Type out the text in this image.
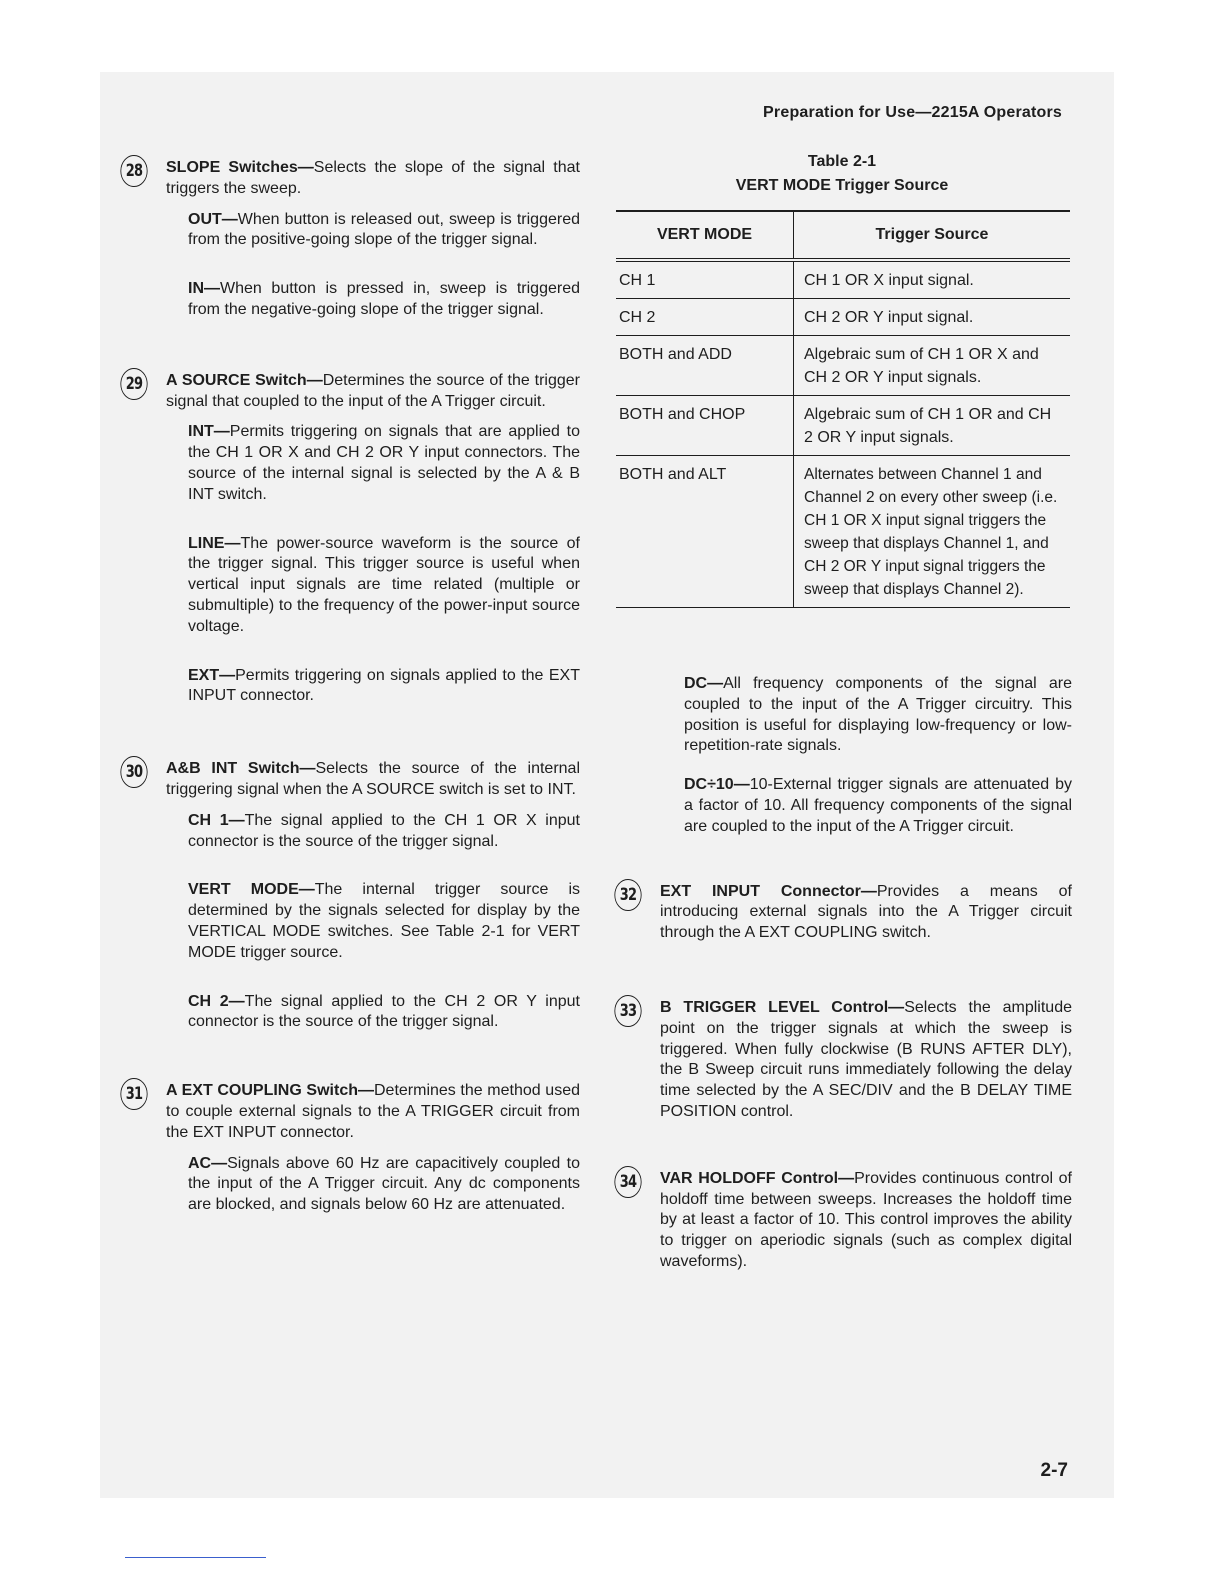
Preparation for Use—2215A Operators
28	SLOPE Switches—Selects the slope of the signal that triggers the sweep.

OUT—When button is released out, sweep is triggered from the positive-going slope of the trigger signal.

IN—When button is pressed in, sweep is triggered from the negative-going slope of the trigger signal.

29	A SOURCE Switch—Determines the source of the trigger signal that coupled to the input of the A Trigger circuit.

INT—Permits triggering on signals that are applied to the CH 1 OR X and CH 2 OR Y input connectors. The source of the internal signal is selected by the A & B INT switch.

LINE—The power-source waveform is the source of the trigger signal. This trigger source is useful when vertical input signals are time related (multiple or submultiple) to the frequency of the power-input source voltage.

EXT—Permits triggering on signals applied to the EXT INPUT connector.

30	A&B INT Switch—Selects the source of the internal triggering signal when the A SOURCE switch is set to INT.

CH 1—The signal applied to the CH 1 OR X input connector is the source of the trigger signal.

VERT MODE—The internal trigger source is determined by the signals selected for display by the VERTICAL MODE switches. See Table 2-1 for VERT MODE trigger source.

CH 2—The signal applied to the CH 2 OR Y input connector is the source of the trigger signal.

31	A EXT COUPLING Switch—Determines the method used to couple external signals to the A TRIGGER circuit from the EXT INPUT connector.

AC—Signals above 60 Hz are capacitively coupled to the input of the A Trigger circuit. Any dc components are blocked, and signals below 60 Hz are attenuated.

Table 2-1
VERT MODE Trigger Source
VERT MODE	Trigger Source
CH 1	CH 1 OR X input signal.
CH 2	CH 2 OR Y input signal.
BOTH and ADD	Algebraic sum of CH 1 OR X and CH 2 OR Y input signals.
BOTH and CHOP	Algebraic sum of CH 1 OR and CH 2 OR Y input signals.
BOTH and ALT	Alternates between Channel 1 and Channel 2 on every other sweep (i.e. CH 1 OR X input signal triggers the sweep that displays Channel 1, and CH 2 OR Y input signal triggers the sweep that displays Channel 2).

DC—All frequency components of the signal are coupled to the input of the A Trigger circuitry. This position is useful for displaying low-frequency or low-repetition-rate signals.

DC÷10—10-External trigger signals are attenuated by a factor of 10. All frequency components of the signal are coupled to the input of the A Trigger circuit.

32	EXT INPUT Connector—Provides a means of introducing external signals into the A Trigger circuit through the A EXT COUPLING switch.

33	B TRIGGER LEVEL Control—Selects the amplitude point on the trigger signals at which the sweep is triggered. When fully clockwise (B RUNS AFTER DLY), the B Sweep circuit runs immediately following the delay time selected by the A SEC/DIV and the B DELAY TIME POSITION control.

34	VAR HOLDOFF Control—Provides continuous control of holdoff time between sweeps. Increases the holdoff time by at least a factor of 10. This control improves the ability to trigger on aperiodic signals (such as complex digital waveforms).

2-7
